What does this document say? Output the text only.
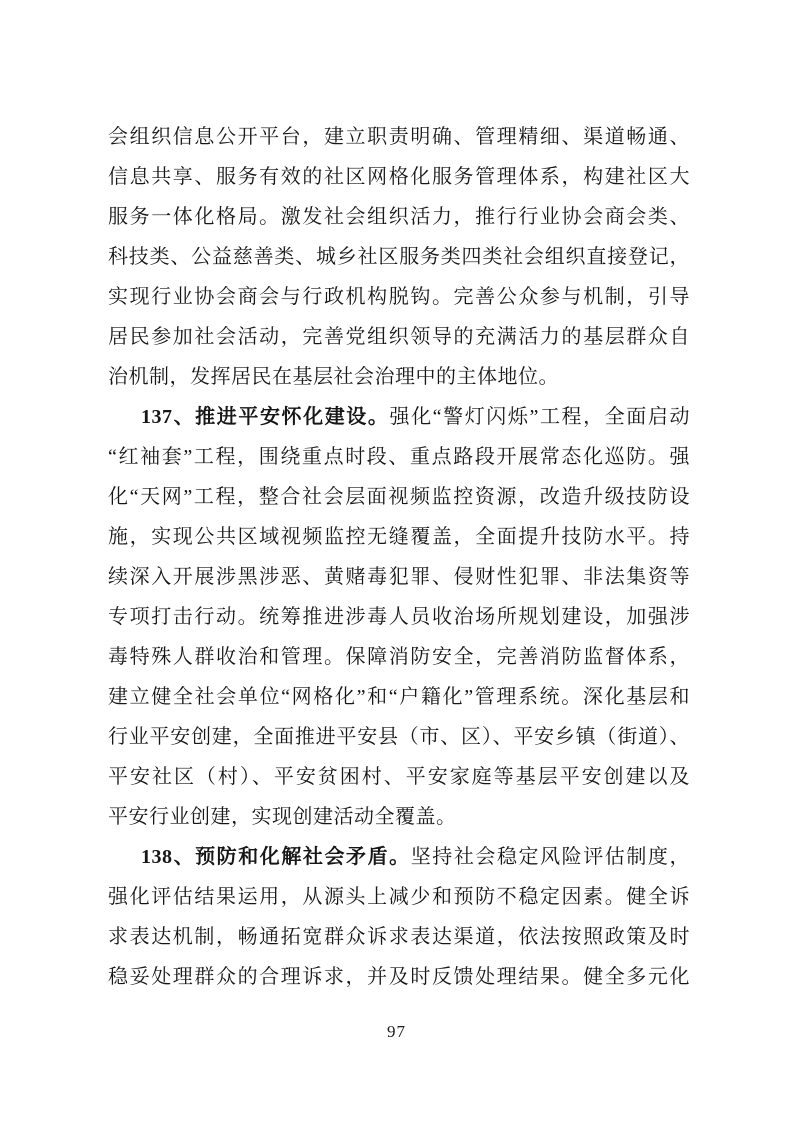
会组织信息公开平台，建立职责明确、管理精细、渠道畅通、
信息共享、服务有效的社区网格化服务管理体系，构建社区大
服务一体化格局。激发社会组织活力，推行行业协会商会类、
科技类、公益慈善类、城乡社区服务类四类社会组织直接登记，
实现行业协会商会与行政机构脱钩。完善公众参与机制，引导
居民参加社会活动，完善党组织领导的充满活力的基层群众自
治机制，发挥居民在基层社会治理中的主体地位。
137、推进平安怀化建设。强化“警灯闪烁”工程，全面启动
“红袖套”工程，围绕重点时段、重点路段开展常态化巡防。强
化“天网”工程，整合社会层面视频监控资源，改造升级技防设
施，实现公共区域视频监控无缝覆盖，全面提升技防水平。持
续深入开展涉黑涉恶、黄赌毒犯罪、侵财性犯罪、非法集资等
专项打击行动。统筹推进涉毒人员收治场所规划建设，加强涉
毒特殊人群收治和管理。保障消防安全，完善消防监督体系，
建立健全社会单位“网格化”和“户籍化”管理系统。深化基层和
行业平安创建，全面推进平安县（市、区）、平安乡镇（街道）、
平安社区（村）、平安贫困村、平安家庭等基层平安创建以及
平安行业创建，实现创建活动全覆盖。
138、预防和化解社会矛盾。坚持社会稳定风险评估制度，
强化评估结果运用，从源头上减少和预防不稳定因素。健全诉
求表达机制，畅通拓宽群众诉求表达渠道，依法按照政策及时
稳妥处理群众的合理诉求，并及时反馈处理结果。健全多元化
97
